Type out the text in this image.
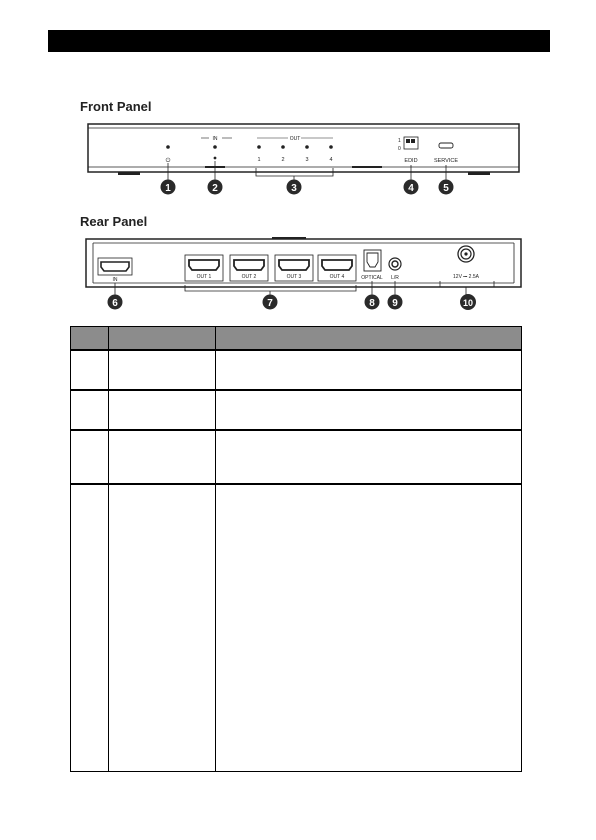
Front Panel
Rear Panel
⏻
IN	OUT
1	2	3	4
1
0
EDID	SERVICE
1	2	3	4	5
IN	OUT 1	OUT 2	OUT 3	OUT 4	OPTICAL L/R	12V ⎓ 2.5A
6	7	8 9	10
